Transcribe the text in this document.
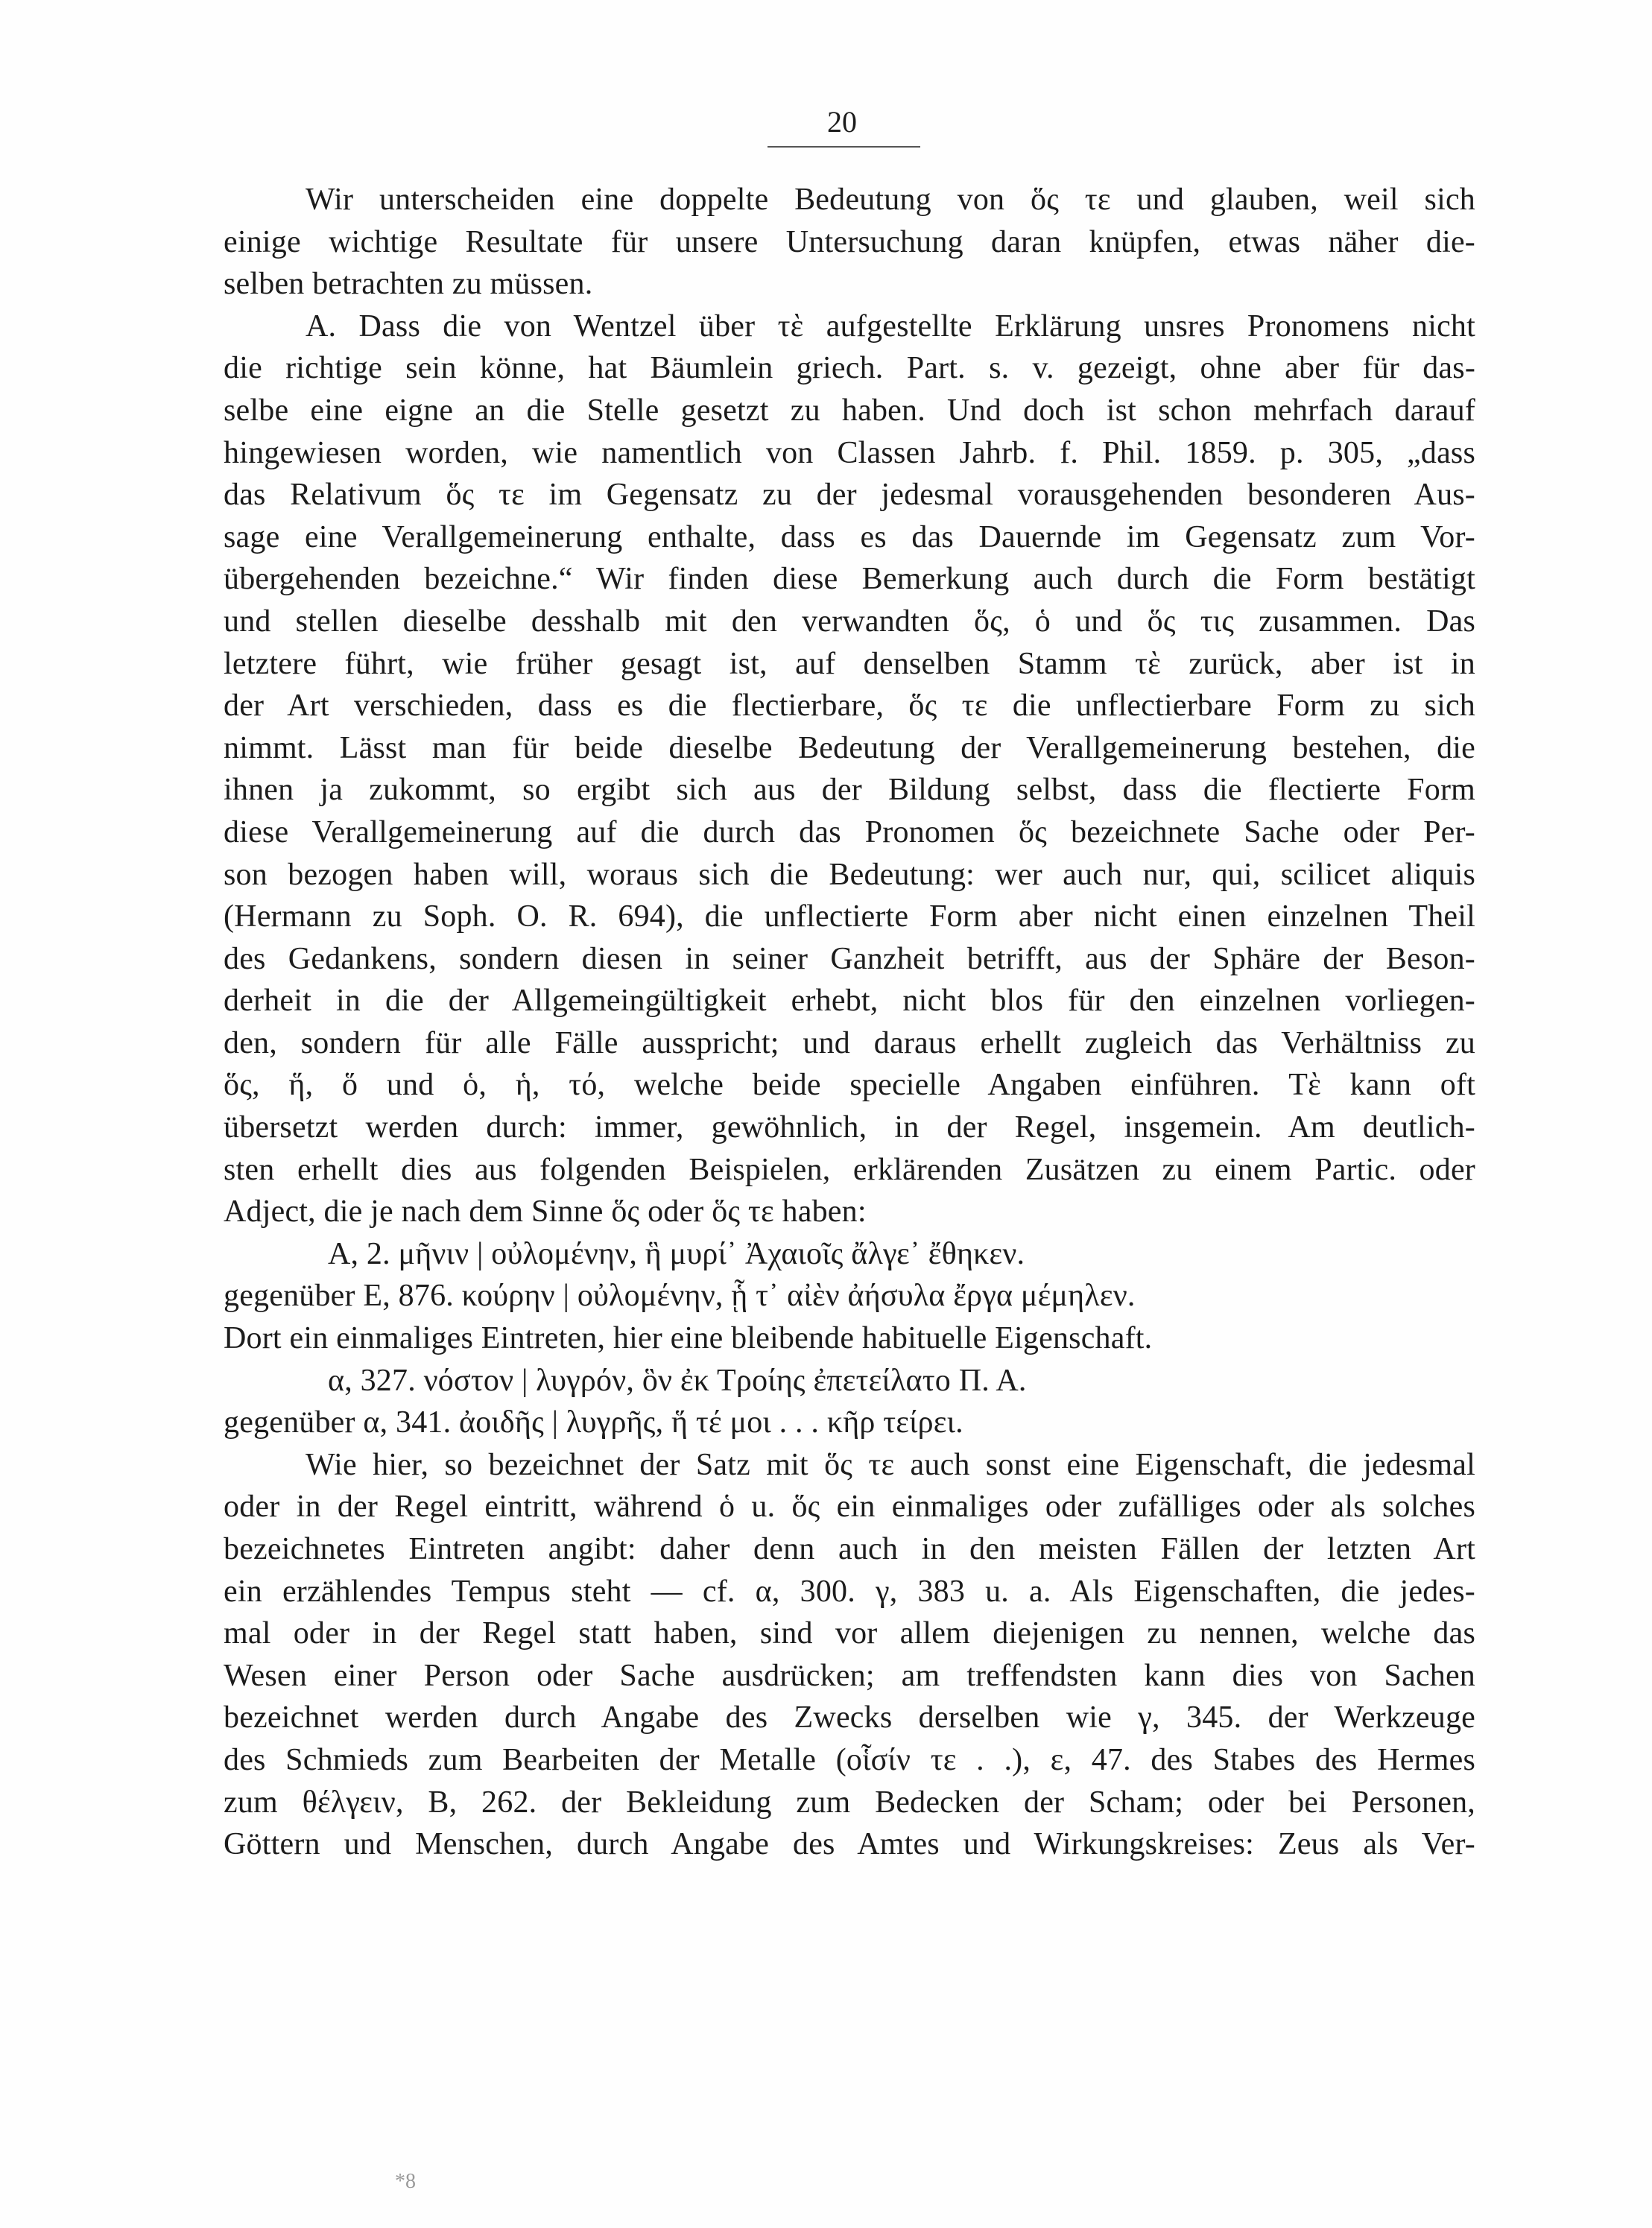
20
Wir unterscheiden eine doppelte Bedeutung von ὅς τε und glauben, weil sich
einige wichtige Resultate für unsere Untersuchung daran knüpfen, etwas näher die-
selben betrachten zu müssen.
A. Dass die von Wentzel über τὲ aufgestellte Erklärung unsres Pronomens nicht
die richtige sein könne, hat Bäumlein griech. Part. s. v. gezeigt, ohne aber für das-
selbe eine eigne an die Stelle gesetzt zu haben. Und doch ist schon mehrfach darauf
hingewiesen worden, wie namentlich von Classen Jahrb. f. Phil. 1859. p. 305, „dass
das Relativum ὅς τε im Gegensatz zu der jedesmal vorausgehenden besonderen Aus-
sage eine Verallgemeinerung enthalte, dass es das Dauernde im Gegensatz zum Vor-
übergehenden bezeichne.“ Wir finden diese Bemerkung auch durch die Form bestätigt
und stellen dieselbe desshalb mit den verwandten ὅς, ὁ und ὅς τις zusammen. Das
letztere führt, wie früher gesagt ist, auf denselben Stamm τὲ zurück, aber ist in
der Art verschieden, dass es die flectierbare, ὅς τε die unflectierbare Form zu sich
nimmt. Lässt man für beide dieselbe Bedeutung der Verallgemeinerung bestehen, die
ihnen ja zukommt, so ergibt sich aus der Bildung selbst, dass die flectierte Form
diese Verallgemeinerung auf die durch das Pronomen ὅς bezeichnete Sache oder Per-
son bezogen haben will, woraus sich die Bedeutung: wer auch nur, qui, scilicet aliquis
(Hermann zu Soph. O. R. 694), die unflectierte Form aber nicht einen einzelnen Theil
des Gedankens, sondern diesen in seiner Ganzheit betrifft, aus der Sphäre der Beson-
derheit in die der Allgemeingültigkeit erhebt, nicht blos für den einzelnen vorliegen-
den, sondern für alle Fälle ausspricht; und daraus erhellt zugleich das Verhältniss zu
ὅς, ἥ, ὅ und ὁ, ἡ, τό, welche beide specielle Angaben einführen. Τὲ kann oft
übersetzt werden durch: immer, gewöhnlich, in der Regel, insgemein. Am deutlich-
sten erhellt dies aus folgenden Beispielen, erklärenden Zusätzen zu einem Partic. oder
Adject, die je nach dem Sinne ὅς oder ὅς τε haben:
Α, 2. μῆνιν | οὐλομένην, ἣ μυρί᾽ Ἀχαιοῖς ἄλγε᾽ ἔθηκεν.
gegenüber Ε, 876. κούρην | οὐλομένην, ᾗ τ᾽ αἰὲν ἀήσυλα ἔργα μέμηλεν.
Dort ein einmaliges Eintreten, hier eine bleibende habituelle Eigenschaft.
α, 327. νόστον | λυγρόν, ὃν ἐκ Τροίης ἐπετείλατο Π. Α.
gegenüber α, 341. ἀοιδῆς | λυγρῆς, ἥ τέ μοι . . . κῆρ τείρει.
Wie hier, so bezeichnet der Satz mit ὅς τε auch sonst eine Eigenschaft, die jedesmal
oder in der Regel eintritt, während ὁ u. ὅς ein einmaliges oder zufälliges oder als solches
bezeichnetes Eintreten angibt: daher denn auch in den meisten Fällen der letzten Art
ein erzählendes Tempus steht — cf. α, 300. γ, 383 u. a. Als Eigenschaften, die jedes-
mal oder in der Regel statt haben, sind vor allem diejenigen zu nennen, welche das
Wesen einer Person oder Sache ausdrücken; am treffendsten kann dies von Sachen
bezeichnet werden durch Angabe des Zwecks derselben wie γ, 345. der Werkzeuge
des Schmieds zum Bearbeiten der Metalle (οἷσίν τε . .), ε, 47. des Stabes des Hermes
zum θέλγειν, Β, 262. der Bekleidung zum Bedecken der Scham; oder bei Personen,
Göttern und Menschen, durch Angabe des Amtes und Wirkungskreises: Zeus als Ver-
*8
